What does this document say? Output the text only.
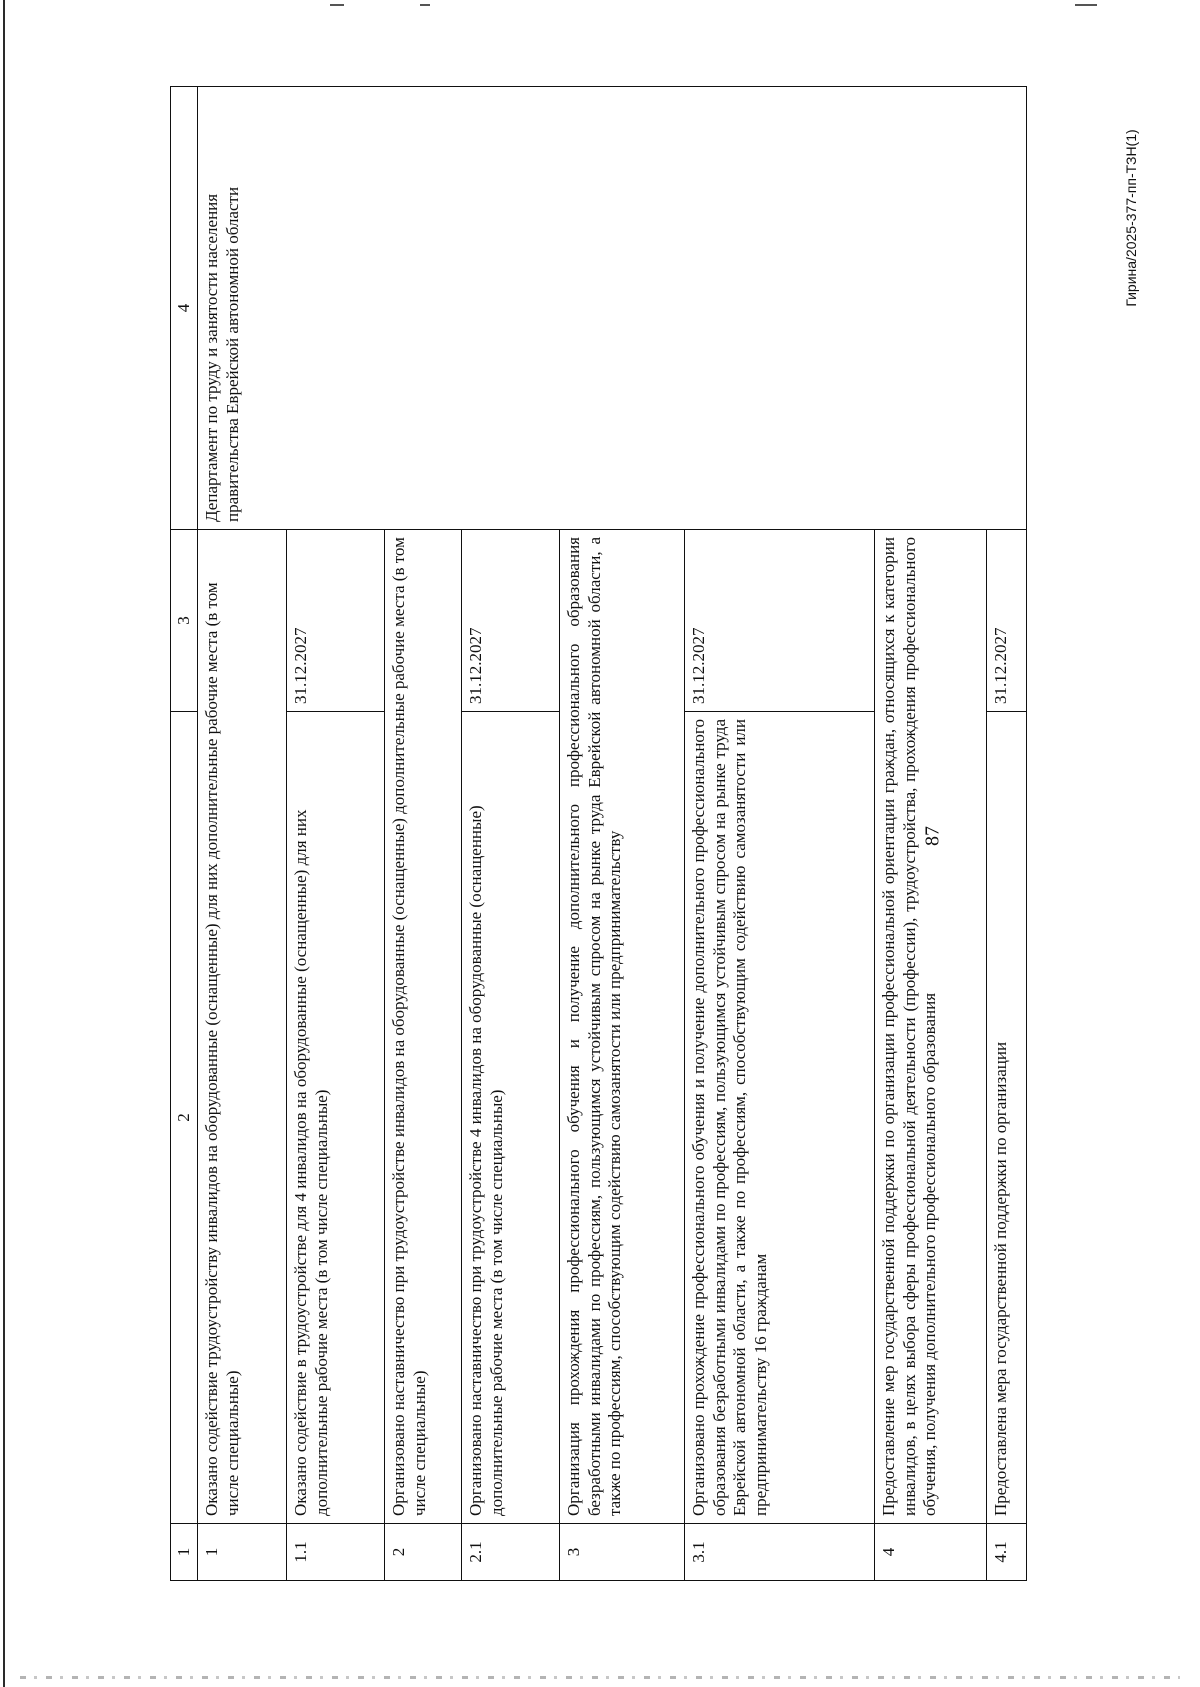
87
Гирина/2025-377-пп-ТЗН(1)
1	2	3	4
1	Оказано содействие трудоустройству инвалидов на оборудованные (оснащенные) для них дополнительные рабочие места (в том числе специальные)		Департамент по труду и занятости населения правительства Еврейской автономной области
1.1	Оказано содействие в трудоустройстве для 4 инвалидов на оборудованные (оснащенные) для них дополнительные рабочие места (в том числе специальные)	31.12.2027	
2	Организовано наставничество при трудоустройстве инвалидов на оборудованные (оснащенные) дополнительные рабочие места (в том числе специальные)		
2.1	Организовано наставничество при трудоустройстве 4 инвалидов на оборудованные (оснащенные) дополнительные рабочие места (в том числе специальные)	31.12.2027	
3	Организация прохождения профессионального обучения и получение дополнительного профессионального образования безработными инвалидами по профессиям, пользующимся устойчивым спросом на рынке труда Еврейской автономной области, а также по профессиям, способствующим содействию самозанятости или предпринимательству		
3.1	Организовано прохождение профессионального обучения и получение дополнительного профессионального образования безработными инвалидами по профессиям, пользующимся устойчивым спросом на рынке труда Еврейской автономной области, а также по профессиям, способствующим содействию самозанятости или предпринимательству 16 гражданам	31.12.2027	
4	Предоставление мер государственной поддержки по организации профессиональной ориентации граждан, относящихся к категории инвалидов, в целях выбора сферы профессиональной деятельности (профессии), трудоустройства, прохождения профессионального обучения, получения дополнительного профессионального образования		
4.1	Предоставлена мера государственной поддержки по организации	31.12.2027	
